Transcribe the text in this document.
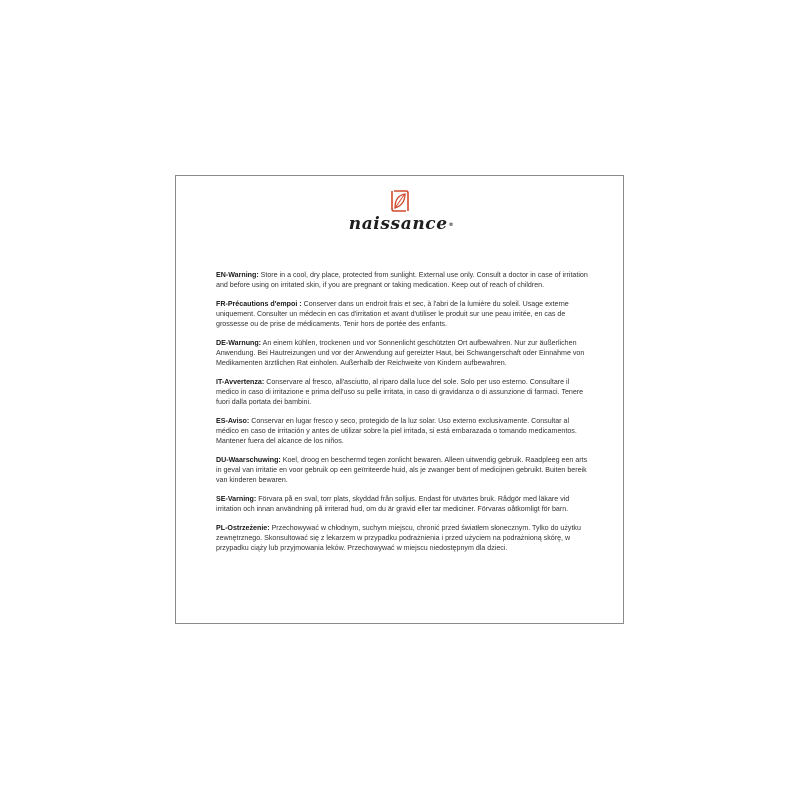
naissance®

EN-Warning: Store in a cool, dry place, protected from sunlight. External use only. Consult a doctor in case of irritation and before using on irritated skin, if you are pregnant or taking medication. Keep out of reach of children.

FR-Précautions d'empoi : Conserver dans un endroit frais et sec, à l'abri de la lumière du soleil. Usage externe uniquement. Consulter un médecin en cas d'irritation et avant d'utiliser le produit sur une peau irritée, en cas de grossesse ou de prise de médicaments. Tenir hors de portée des enfants.

DE-Warnung: An einem kühlen, trockenen und vor Sonnenlicht geschützten Ort aufbewahren. Nur zur äußerlichen Anwendung. Bei Hautreizungen und vor der Anwendung auf gereizter Haut, bei Schwangerschaft oder Einnahme von Medikamenten ärztlichen Rat einholen. Außerhalb der Reichweite von Kindern aufbewahren.

IT-Avvertenza: Conservare al fresco, all'asciutto, al riparo dalla luce del sole. Solo per uso esterno. Consultare il medico in caso di irritazione e prima dell'uso su pelle irritata, in caso di gravidanza o di assunzione di farmaci. Tenere fuori dalla portata dei bambini.

ES-Aviso: Conservar en lugar fresco y seco, protegido de la luz solar. Uso externo exclusivamente. Consultar al médico en caso de irritación y antes de utilizar sobre la piel irritada, si está embarazada o tomando medicamentos. Mantener fuera del alcance de los niños.

DU-Waarschuwing: Koel, droog en beschermd tegen zonlicht bewaren. Alleen uitwendig gebruik. Raadpleeg een arts in geval van irritatie en voor gebruik op een geïrriteerde huid, als je zwanger bent of medicijnen gebruikt. Buiten bereik van kinderen bewaren.

SE-Varning: Förvara på en sval, torr plats, skyddad från solljus. Endast för utvärtes bruk. Rådgör med läkare vid irritation och innan användning på irriterad hud, om du är gravid eller tar mediciner. Förvaras oåtkomligt för barn.

PL-Ostrzeżenie: Przechowywać w chłodnym, suchym miejscu, chronić przed światłem słonecznym. Tylko do użytku zewnętrznego. Skonsultować się z lekarzem w przypadku podrażnienia i przed użyciem na podrażnioną skórę, w przypadku ciąży lub przyjmowania leków. Przechowywać w miejscu niedostępnym dla dzieci.
